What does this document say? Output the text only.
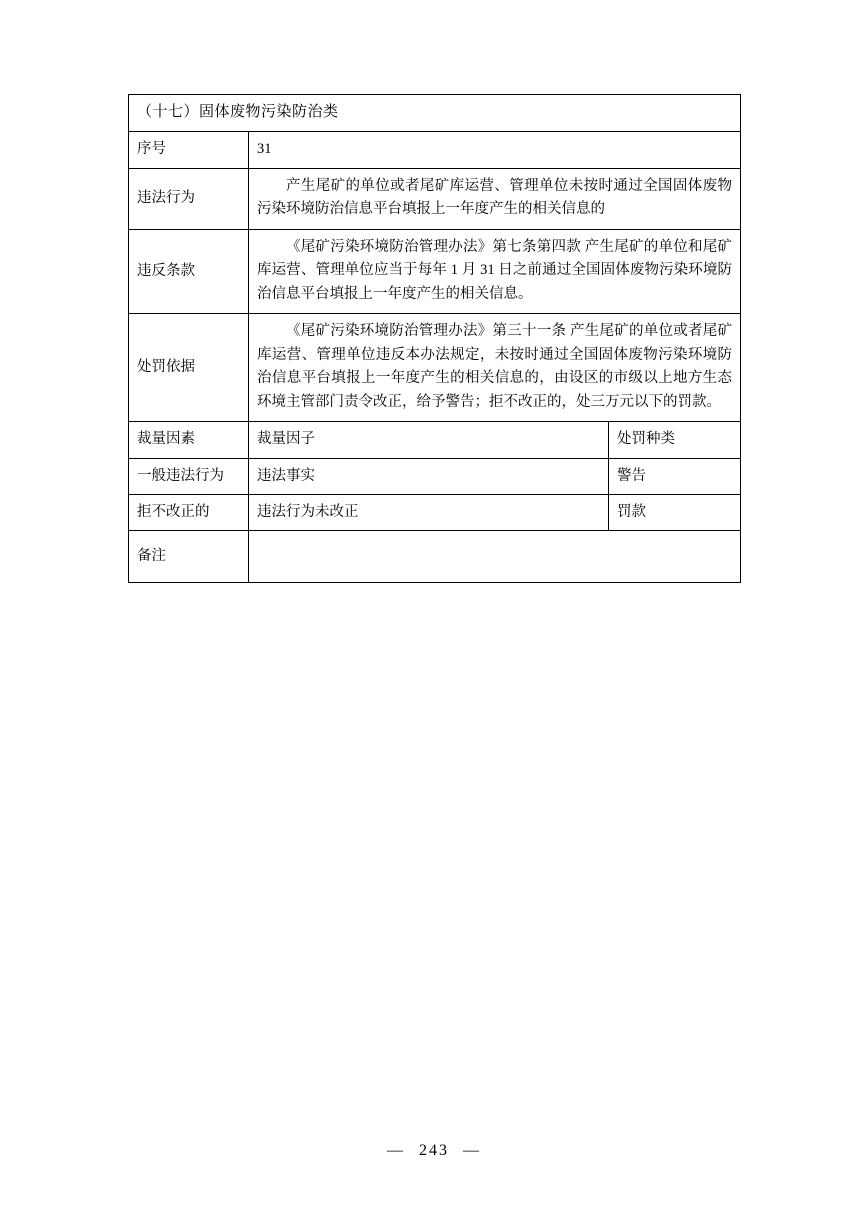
（十七）固体废物污染防治类		
序号	31	
违法行为	产生尾矿的单位或者尾矿库运营、管理单位未按时通过全国固体废物污染环境防治信息平台填报上一年度产生的相关信息的	

违反条款	《尾矿污染环境防治管理办法》第七条第四款 产生尾矿的单位和尾矿库运营、管理单位应当于每年 1 月 31 日之前通过全国固体废物污染环境防治信息平台填报上一年度产生的相关信息。	

处罚依据	《尾矿污染环境防治管理办法》第三十一条 产生尾矿的单位或者尾矿库运营、管理单位违反本办法规定，未按时通过全国固体废物污染环境防治信息平台填报上一年度产生的相关信息的，由设区的市级以上地方生态环境主管部门责令改正，给予警告；拒不改正的，处三万元以下的罚款。	

裁量因素	裁量因子	处罚种类
一般违法行为	违法事实	警告
拒不改正的	违法行为未改正	罚款
备注		
— 243 —
